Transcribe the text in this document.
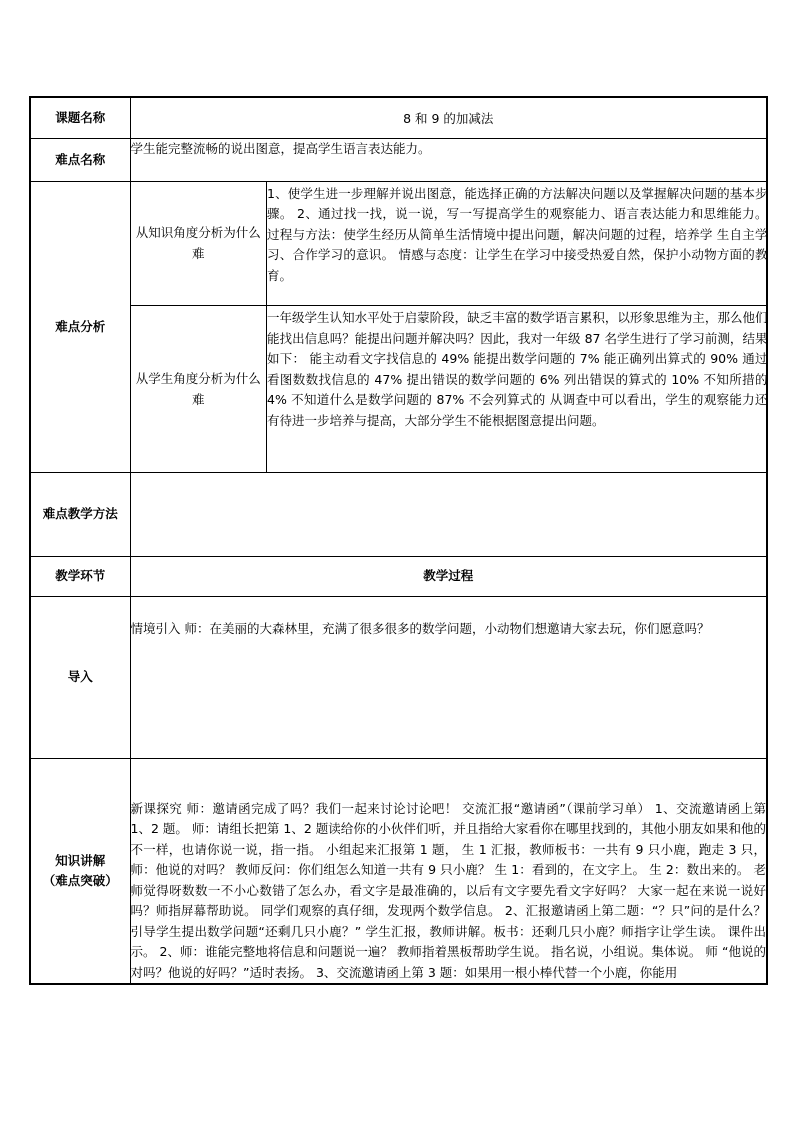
课题名称	8 和 9 的加减法
难点名称	学生能完整流畅的说出图意，提高学生语言表达能力。
难点分析	
从知识角度分析为什么难	1、使学生进一步理解并说出图意，能选择正确的方法解决问题以及掌握解决问题的基本步骤。 2、通过找一找，说一说，写一写提高学生的观察能力、语言表达能力和思维能力。 过程与方法：使学生经历从简单生活情境中提出问题，解决问题的过程，培养学 生自主学习、合作学习的意识。 情感与态度：让学生在学习中接受热爱自然，保护小动物方面的教育。
从学生角度分析为什么难	一年级学生认知水平处于启蒙阶段，缺乏丰富的数学语言累积，以形象思维为主，那么他们能找出信息吗？能提出问题并解决吗？因此，我对一年级 87 名学生进行了学习前测，结果如下： 能主动看文字找信息的 49% 能提出数学问题的 7% 能正确列出算式的 90% 通过看图数数找信息的 47% 提出错误的数学问题的 6% 列出错误的算式的 10% 不知所措的 4% 不知道什么是数学问题的 87% 不会列算式的 从调查中可以看出，学生的观察能力还有待进一步培养与提高，大部分学生不能根据图意提出问题。

难点教学方法	
教学环节	教学过程
导入	情境引入 师：在美丽的大森林里，充满了很多很多的数学问题，小动物们想邀请大家去玩，你们愿意吗？

知识讲解
（难点突破）
	新课探究 师：邀请函完成了吗？我们一起来讨论讨论吧！ 交流汇报“邀请函”（课前学习单） 1、交流邀请函上第 1、2 题。 师：请组长把第 1、2 题读给你的小伙伴们听，并且指给大家看你在哪里找到的，其他小朋友如果和他的不一样，也请你说一说，指一指。 小组起来汇报第 1 题， 生 1 汇报，教师板书：一共有 9 只小鹿，跑走 3 只， 师：他说的对吗？ 教师反问：你们组怎么知道一共有 9 只小鹿？ 生 1：看到的，在文字上。 生 2：数出来的。 老师觉得呀数数一不小心数错了怎么办，看文字是最准确的，以后有文字要先看文字好吗？ 大家一起在来说一说好吗？师指屏幕帮助说。 同学们观察的真仔细，发现两个数学信息。 2、汇报邀请函上第二题：“？只”问的是什么？ 引导学生提出数学问题“还剩几只小鹿？” 学生汇报，教师讲解。板书：还剩几只小鹿？师指字让学生读。 课件出示。 2、师：谁能完整地将信息和问题说一遍？ 教师指着黑板帮助学生说。 指名说，小组说。集体说。 师 “他说的对吗？他说的好吗？”适时表扬。 3、交流邀请函上第 3 题：如果用一根小棒代替一个小鹿，你能用
